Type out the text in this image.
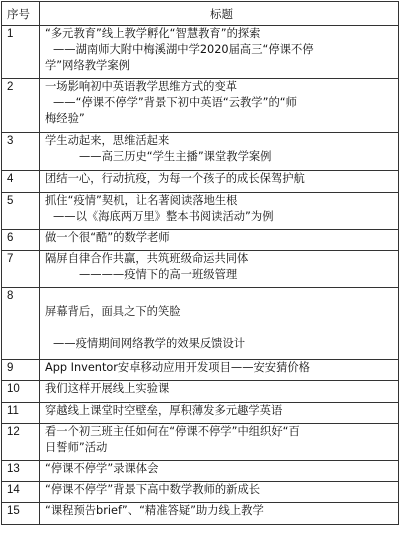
序号	标题
1	“多元教育”线上教学孵化“智慧教育”的探索
——湖南师大附中梅溪湖中学2020届高三“停课不停
学”网络教学案例

2	一场影响初中英语教学思维方式的变革
——“停课不停学”背景下初中英语“云教学”的“师
梅经验”

3	学生动起来，思维活起来
——高三历史“学生主播”课堂教学案例

4	团结一心，行动抗疫，为每一个孩子的成长保驾护航

5	抓住“疫情”契机，让名著阅读落地生根
——以《海底两万里》整本书阅读活动”为例

6	做一个很“酷”的数学老师

7	隔屏自律合作共赢，共筑班级命运共同体
————疫情下的高一班级管理

8	屏幕背后，面具之下的笑脸

——疫情期间网络教学的效果反馈设计

9	App Inventor安卓移动应用开发项目——安安猜价格

10	我们这样开展线上实验课

11	穿越线上课堂时空壁垒，厚积薄发多元趣学英语

12	看一个初三班主任如何在“停课不停学”中组织好“百
日誓师”活动

13	“停课不停学”录课体会

14	“停课不停学”背景下高中数学教师的新成长

15	“课程预告brief”、“精准答疑”助力线上教学
